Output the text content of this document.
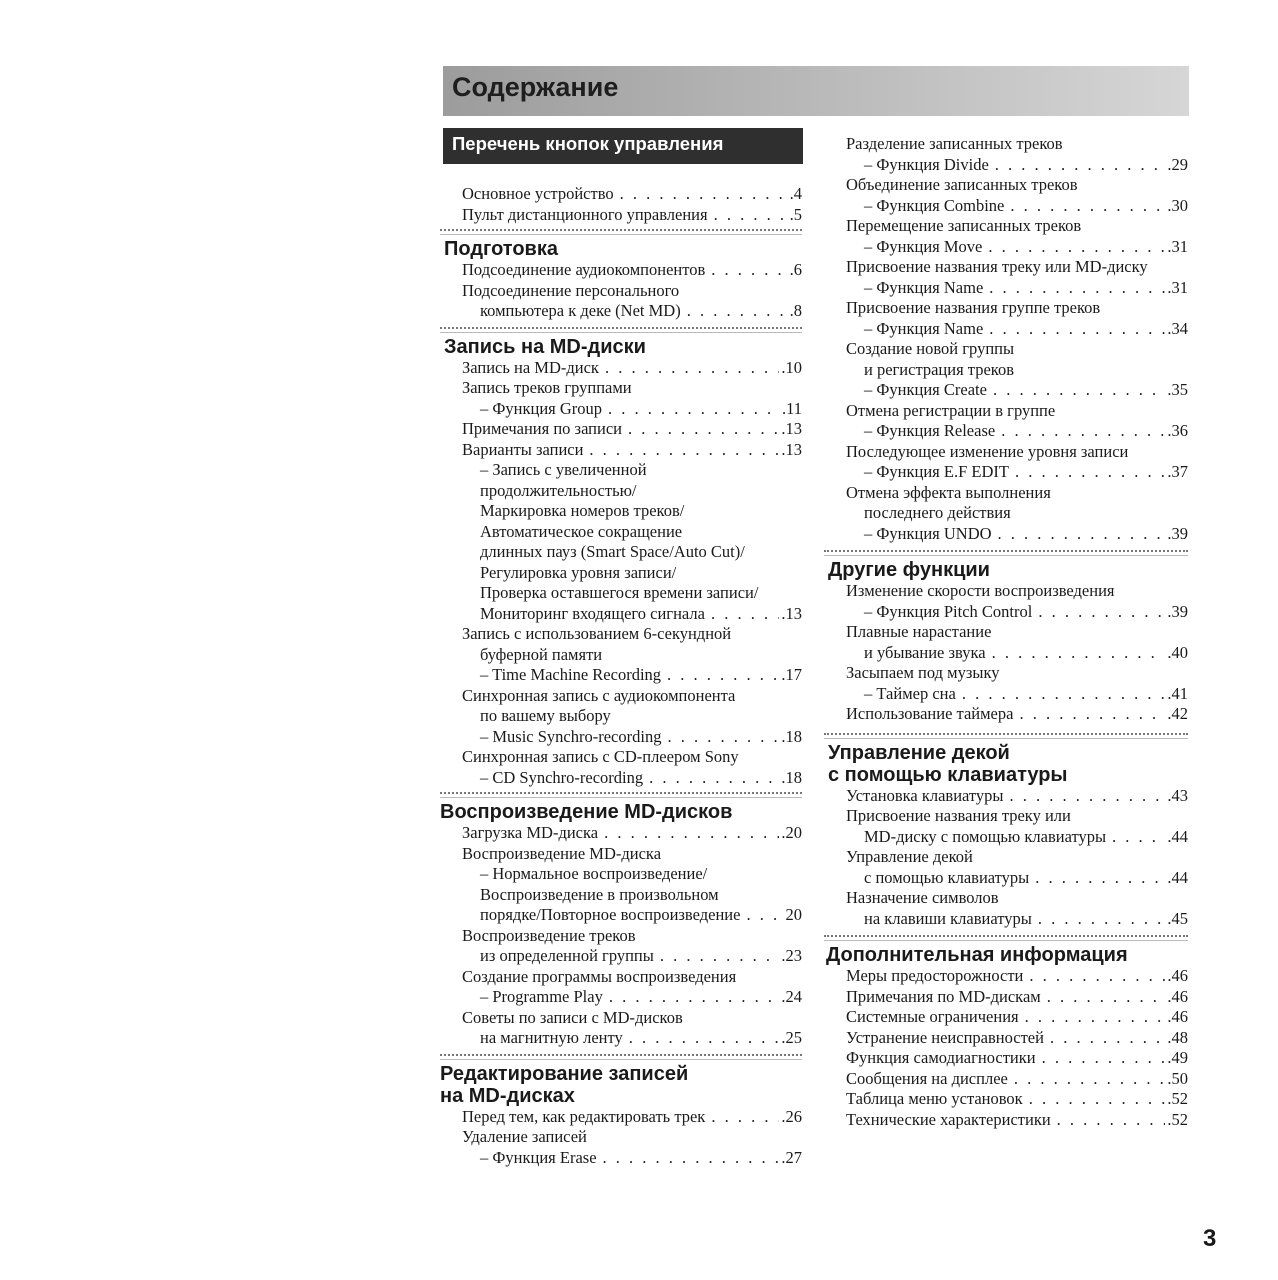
Содержание
Перечень кнопок управления
Основное устройство . . .	.4
Пульт дистанционного управления . . .	.5
Подготовка
Подсоединение аудиокомпонентов . . .	.6
Подсоединение персонального
компьютера к деке (Net MD) . . .	.8
Запись на MD-диски
Запись на MD-диск . . .	.10
Запись треков группами
– Функция Group . . .	.11
Примечания по записи . . .	.13
Варианты записи . . .	.13
– Запись с увеличенной
продолжительностью/
Маркировка номеров треков/
Автоматическое сокращение
длинных пауз (Smart Space/Auto Cut)/
Регулировка уровня записи/
Проверка оставшегося времени записи/
Мониторинг входящего сигнала . . .	.13
Запись с использованием 6-секундной
буферной памяти
– Time Machine Recording . . .	.17
Синхронная запись с аудиокомпонента
по вашему выбору
– Music Synchro-recording . . .	.18
Синхронная запись с CD-плеером Sony
– CD Synchro-recording . . .	.18
Воспроизведение MD-дисков
Загрузка MD-диска . . .	.20
Воспроизведение MD-диска
– Нормальное воспроизведение/
Воспроизведение в произвольном
порядке/Повторное воспроизведение . . .	20
Воспроизведение треков
из определенной группы . . .	.23
Создание программы воспроизведения
– Programme Play . . .	.24
Советы по записи с MD-дисков
на магнитную ленту . . .	.25
Редактирование записей
на MD-дисках
Перед тем, как редактировать трек . . .	.26
Удаление записей
– Функция Erase . . .	.27
Разделение записанных треков
– Функция Divide . . .	.29
Объединение записанных треков
– Функция Combine . . .	.30
Перемещение записанных треков
– Функция Move . . .	.31
Присвоение названия треку или MD-диску
– Функция Name . . .	.31
Присвоение названия группе треков
– Функция Name . . .	.34
Создание новой группы
и регистрация треков
– Функция Create . . .	.35
Отмена регистрации в группе
– Функция Release . . .	.36
Последующее изменение уровня записи
– Функция E.F EDIT . . .	.37
Отмена эффекта выполнения
последнего действия
– Функция UNDO . . .	.39
Другие функции
Изменение скорости воспроизведения
– Функция Pitch Control . . .	.39
Плавные нарастание
и убывание звука . . .	.40
Засыпаем под музыку
– Таймер сна . . .	.41
Использование таймера . . .	.42
Управление декой
с помощью клавиатуры
Установка клавиатуры . . .	.43
Присвоение названия треку или
MD-диску с помощью клавиатуры . . .	.44
Управление декой
с помощью клавиатуры . . .	.44
Назначение символов
на клавиши клавиатуры . . .	.45
Дополнительная информация
Меры предосторожности . . .	.46
Примечания по MD-дискам . . .	.46
Системные ограничения . . .	.46
Устранение неисправностей . . .	.48
Функция самодиагностики . . .	.49
Сообщения на дисплее . . .	.50
Таблица меню установок . . .	.52
Технические характеристики . . .	.52
3
